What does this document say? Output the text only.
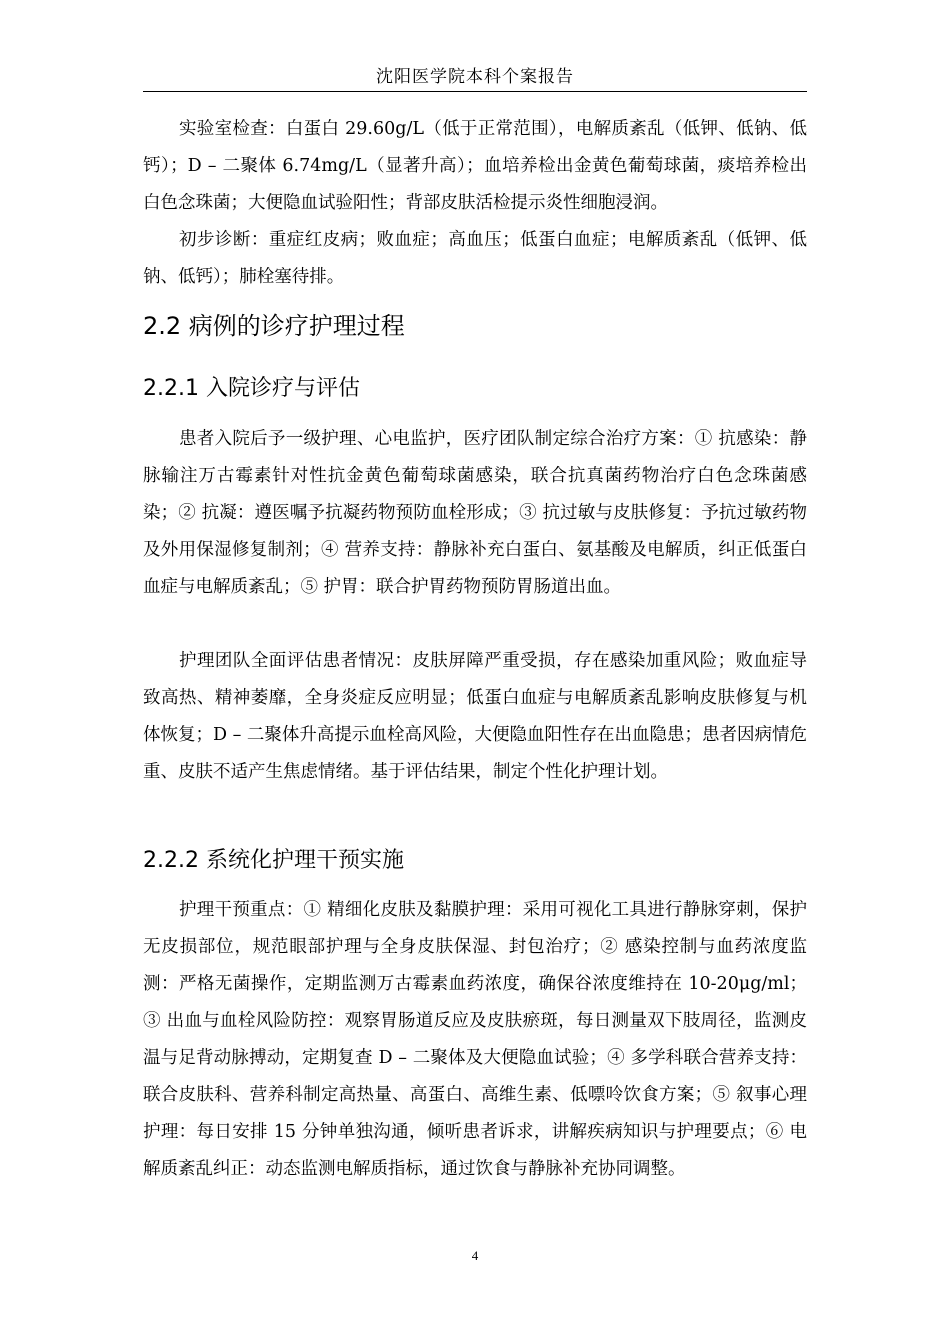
沈阳医学院本科个案报告

实验室检查：白蛋白 29.60g/L（低于正常范围），电解质紊乱（低钾、低钠、低钙）；D – 二聚体 6.74mg/L（显著升高）；血培养检出金黄色葡萄球菌，痰培养检出白色念珠菌；大便隐血试验阳性；背部皮肤活检提示炎性细胞浸润。

初步诊断：重症红皮病；败血症；高血压；低蛋白血症；电解质紊乱（低钾、低钠、低钙）；肺栓塞待排。

2.2 病例的诊疗护理过程
2.2.1 入院诊疗与评估

患者入院后予一级护理、心电监护，医疗团队制定综合治疗方案：① 抗感染：静脉输注万古霉素针对性抗金黄色葡萄球菌感染，联合抗真菌药物治疗白色念珠菌感染；② 抗凝：遵医嘱予抗凝药物预防血栓形成；③ 抗过敏与皮肤修复：予抗过敏药物及外用保湿修复制剂；④ 营养支持：静脉补充白蛋白、氨基酸及电解质，纠正低蛋白血症与电解质紊乱；⑤ 护胃：联合护胃药物预防胃肠道出血。

护理团队全面评估患者情况：皮肤屏障严重受损，存在感染加重风险；败血症导致高热、精神萎靡，全身炎症反应明显；低蛋白血症与电解质紊乱影响皮肤修复与机体恢复；D – 二聚体升高提示血栓高风险，大便隐血阳性存在出血隐患；患者因病情危重、皮肤不适产生焦虑情绪。基于评估结果，制定个性化护理计划。

2.2.2 系统化护理干预实施

护理干预重点：① 精细化皮肤及黏膜护理：采用可视化工具进行静脉穿刺，保护无皮损部位，规范眼部护理与全身皮肤保湿、封包治疗；② 感染控制与血药浓度监测：严格无菌操作，定期监测万古霉素血药浓度，确保谷浓度维持在 10-20μg/ml；③ 出血与血栓风险防控：观察胃肠道反应及皮肤瘀斑，每日测量双下肢周径，监测皮温与足背动脉搏动，定期复查 D – 二聚体及大便隐血试验；④ 多学科联合营养支持：联合皮肤科、营养科制定高热量、高蛋白、高维生素、低嘌呤饮食方案；⑤ 叙事心理护理：每日安排 15 分钟单独沟通，倾听患者诉求，讲解疾病知识与护理要点；⑥ 电解质紊乱纠正：动态监测电解质指标，通过饮食与静脉补充协同调整。

4
